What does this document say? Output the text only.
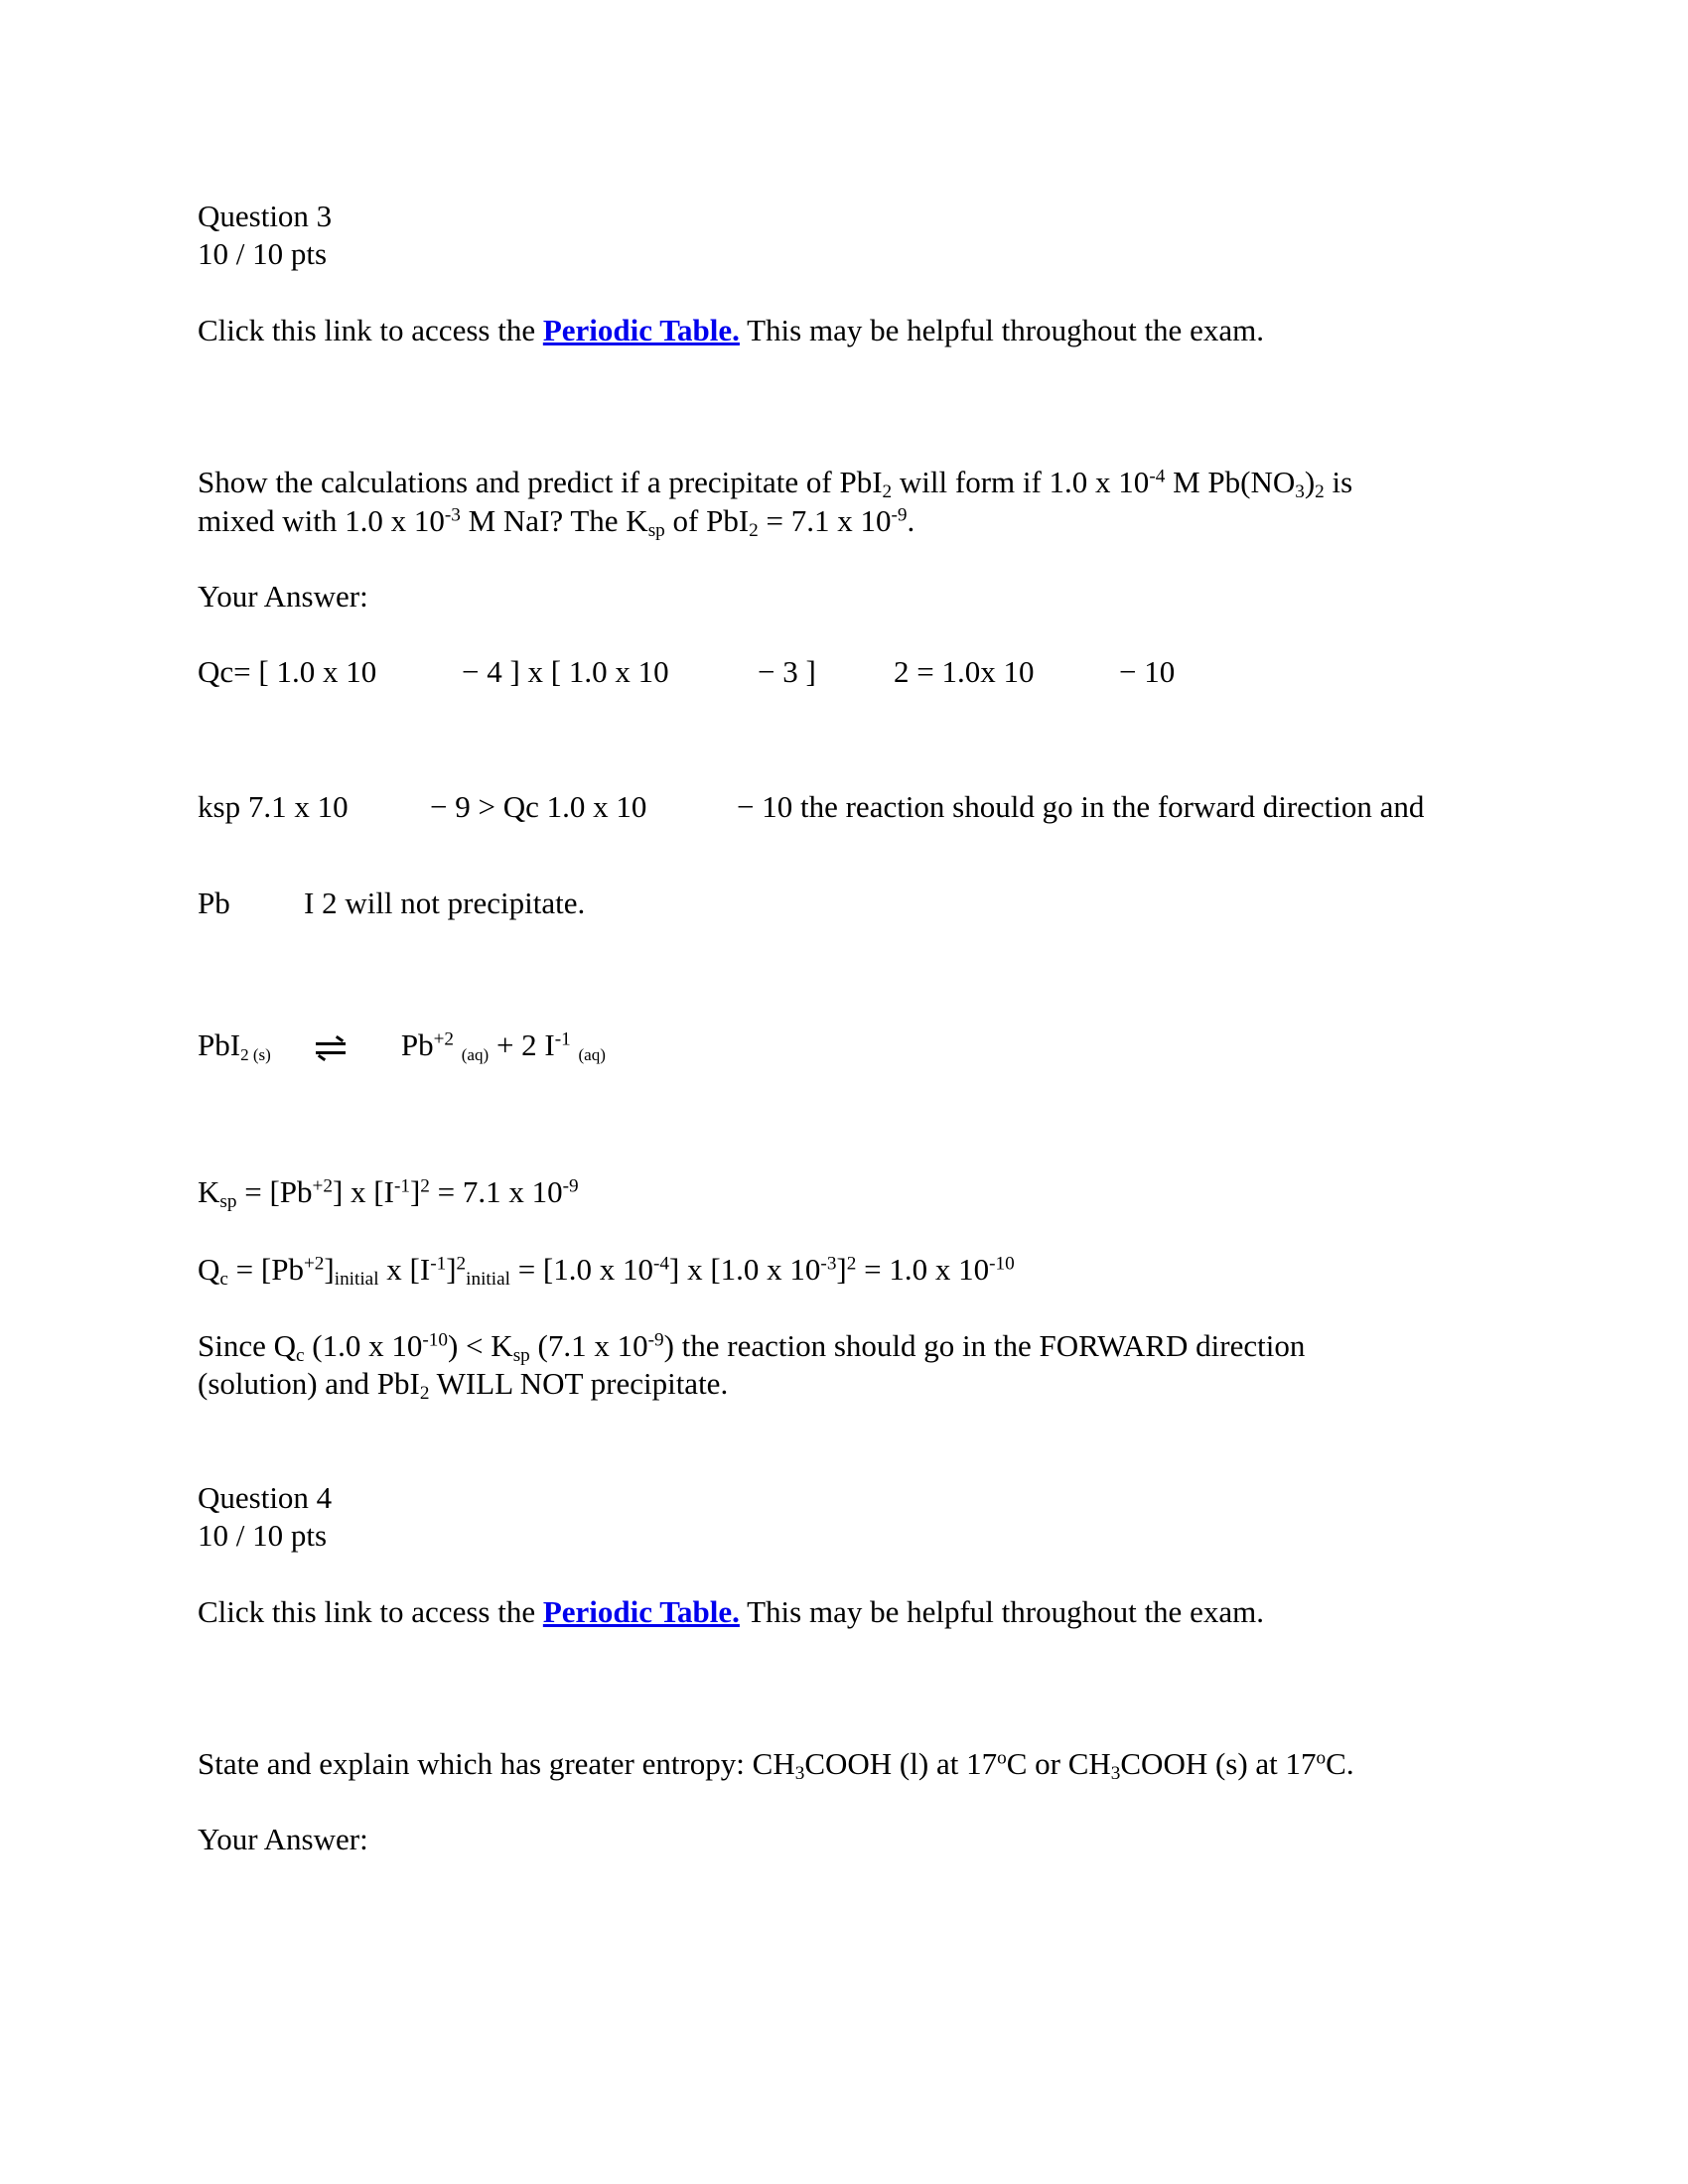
Question 3
10 / 10 pts
Click this link to access the Periodic Table. This may be helpful throughout the exam.
Show the calculations and predict if a precipitate of PbI$_2$ will form if 1.0 x $10^{-4}$ M $Pb(NO_3)_2$ is
mixed with 1.0 x $10^{-3}$ M NaI? The $K_{sp}$ of PbI$_2$ = 7.1 x $10^{-9}$.
Your Answer:
Qc= [ 1.0 x 10	− 4 ] x [ 1.0 x 10	− 3 ]	2 = 1.0x 10	− 10
ksp 7.1 x 10	− 9 > Qc 1.0 x 10	− 10 the reaction should go in the forward direction and
Pb I 2 will not precipitate.
PbI$_{2 (s)}$ ⇌ $Pb^{+2}$ $_{(aq)}$ + 2 $I^{-1}$ $_{(aq)}$
$K_{sp} = [Pb^{+2}]$ x $[I^{-1}]^2 = 7.1$ x $10^{-9}$
$Q_c = [Pb^{+2}]_{initial}$ x $[I^{-1}]^2_{initial} = [1.0$ x $10^{-4}$] x [1.0 x $10^{-3}]^2 = 1.0$ x $10^{-10}$
Since $Q_c$ (1.0 x $10^{-10}) < K_{sp}$ (7.1 x $10^{-9}$) the reaction should go in the FORWARD direction
(solution) and PbI$_2$ WILL NOT precipitate.
Question 4
10 / 10 pts
Click this link to access the Periodic Table. This may be helpful throughout the exam.
State and explain which has greater entropy: $CH_3COOH$ (l) at 17$^o$C or $CH_3COOH$ (s) at 17$^o$C.
Your Answer:
